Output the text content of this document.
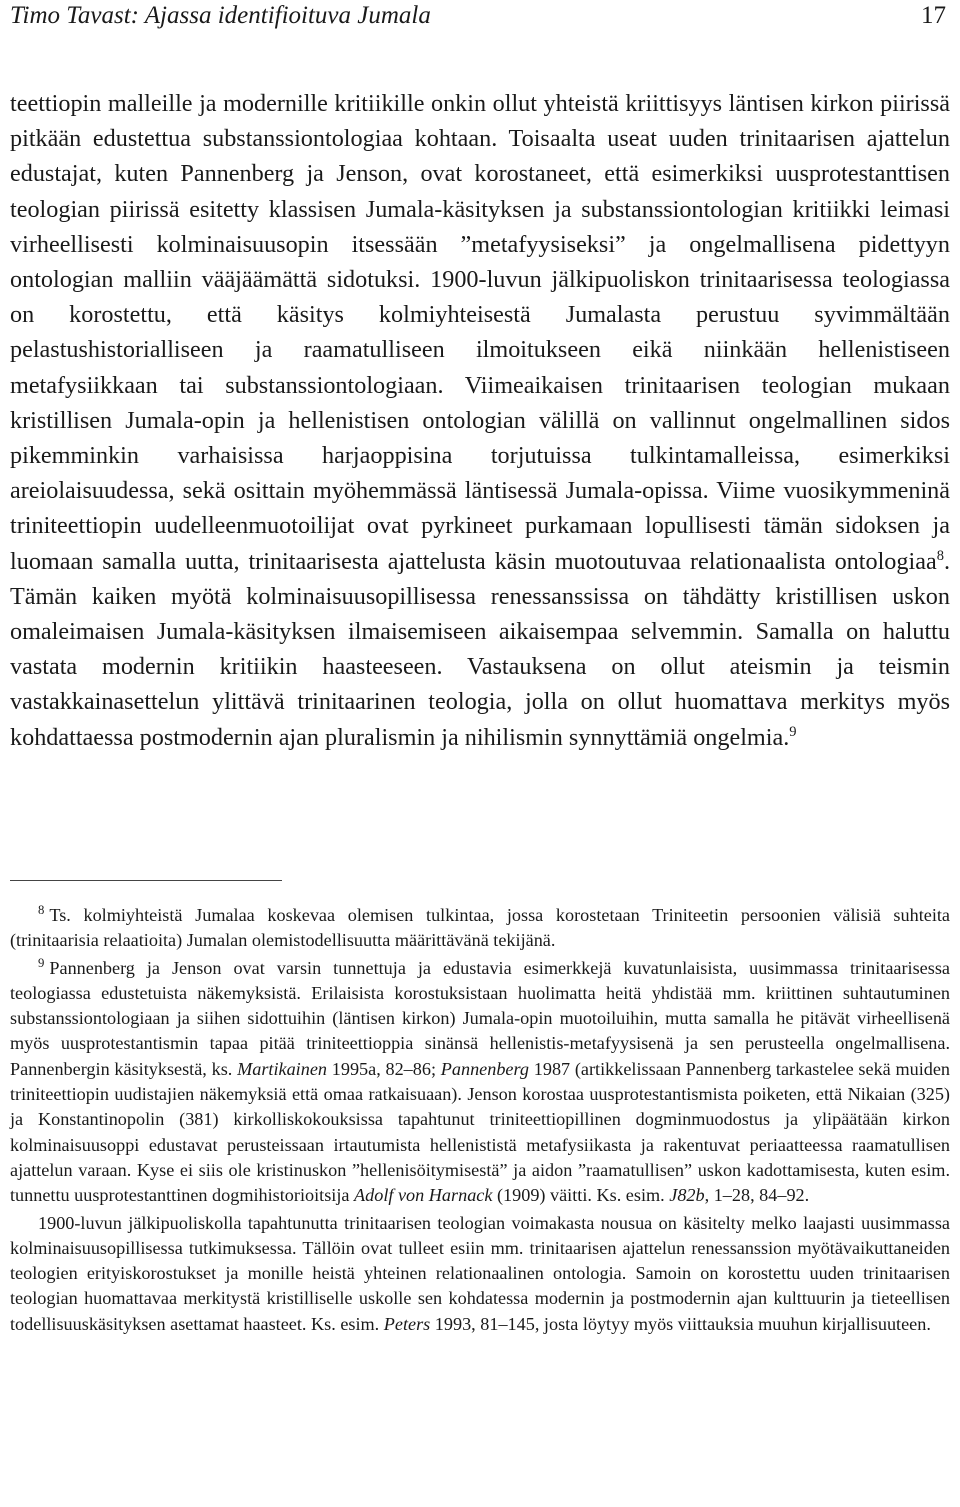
Timo Tavast: Ajassa identifioituva Jumala	17

teettiopin malleille ja modernille kritiikille onkin ollut yhteistä kriittisyys läntisen kirkon piirissä pitkään edustettua substanssiontologiaa kohtaan. Toisaalta useat uuden trinitaarisen ajattelun edustajat, kuten Pannenberg ja Jenson, ovat korostaneet, että esimerkiksi uusprotestanttisen teologian piirissä esitetty klassisen Jumala-käsityksen ja substanssiontologian kritiikki leimasi virheellisesti kolminaisuusopin itsessään ”metafyysiseksi” ja ongelmallisena pidettyyn ontologian malliin vääjäämättä sidotuksi. 1900-luvun jälkipuoliskon trinitaarisessa teologiassa on korostettu, että käsitys kolmiyhteisestä Jumalasta perustuu syvimmältään pelastushistorialliseen ja raamatulliseen ilmoitukseen eikä niinkään hellenistiseen metafysiikkaan tai substanssiontologiaan. Viimeaikaisen trinitaarisen teologian mukaan kristillisen Jumala-opin ja hellenistisen ontologian välillä on vallinnut ongelmallinen sidos pikemminkin varhaisissa harjaoppisina torjutuissa tulkintamalleissa, esimerkiksi areiolaisuudessa, sekä osittain myöhemmässä läntisessä Jumala-opissa. Viime vuosikymmeninä triniteettiopin uudelleenmuotoilijat ovat pyrkineet purkamaan lopullisesti tämän sidoksen ja luomaan samalla uutta, trinitaarisesta ajattelusta käsin muotoutuvaa relationaalista ontologiaa$^8$. Tämän kaiken myötä kolminaisuusopillisessa renessanssissa on tähdätty kristillisen uskon omaleimaisen Jumala-käsityksen ilmaisemiseen aikaisempaa selvemmin. Samalla on haluttu vastata modernin kritiikin haasteeseen. Vastauksena on ollut ateismin ja teismin vastakkainasettelun ylittävä trinitaarinen teologia, jolla on ollut huomattava merkitys myös kohdattaessa postmodernin ajan pluralismin ja nihilismin synnyttämiä ongelmia.$^9$

$^8$ Ts. kolmiyhteistä Jumalaa koskevaa olemisen tulkintaa, jossa korostetaan Triniteetin persoonien välisiä suhteita (trinitaarisia relaatioita) Jumalan olemistodellisuutta määrittävänä tekijänä.

$^9$ Pannenberg ja Jenson ovat varsin tunnettuja ja edustavia esimerkkejä kuvatunlaisista, uusimmassa trinitaarisessa teologiassa edustetuista näkemyksistä. Erilaisista korostuksistaan huolimatta heitä yhdistää mm. kriittinen suhtautuminen substanssiontologiaan ja siihen sidottuihin (läntisen kirkon) Jumala-opin muotoiluihin, mutta samalla he pitävät virheellisenä myös uusprotestantismin tapaa pitää triniteettioppia sinänsä hellenistis-metafyysisenä ja sen perusteella ongelmallisena. Pannenbergin käsityksestä, ks. Martikainen 1995a, 82–86; Pannenberg 1987 (artikkelissaan Pannenberg tarkastelee sekä muiden triniteettiopin uudistajien näkemyksiä että omaa ratkaisuaan). Jenson korostaa uusprotestantismista poiketen, että Nikaian (325) ja Konstantinopolin (381) kirkolliskokouksissa tapahtunut triniteettiopillinen dogminmuodostus ja ylipäätään kirkon kolminaisuusoppi edustavat perusteissaan irtautumista hellenististä metafysiikasta ja rakentuvat periaatteessa raamatullisen ajattelun varaan. Kyse ei siis ole kristinuskon ”hellenisöitymisestä” ja aidon ”raamatullisen” uskon kadottamisesta, kuten esim. tunnettu uusprotestanttinen dogmihistorioitsija Adolf von Harnack (1909) väitti. Ks. esim. J82b, 1–28, 84–92.

1900-luvun jälkipuoliskolla tapahtunutta trinitaarisen teologian voimakasta nousua on käsitelty melko laajasti uusimmassa kolminaisuusopillisessa tutkimuksessa. Tällöin ovat tulleet esiin mm. trinitaarisen ajattelun renessanssion myötävaikuttaneiden teologien erityiskorostukset ja monille heistä yhteinen relationaalinen ontologia. Samoin on korostettu uuden trinitaarisen teologian huomattavaa merkitystä kristilliselle uskolle sen kohdatessa modernin ja postmodernin ajan kulttuurin ja tieteellisen todellisuuskäsityksen asettamat haasteet. Ks. esim. Peters 1993, 81–145, josta löytyy myös viittauksia muuhun kirjallisuuteen.
